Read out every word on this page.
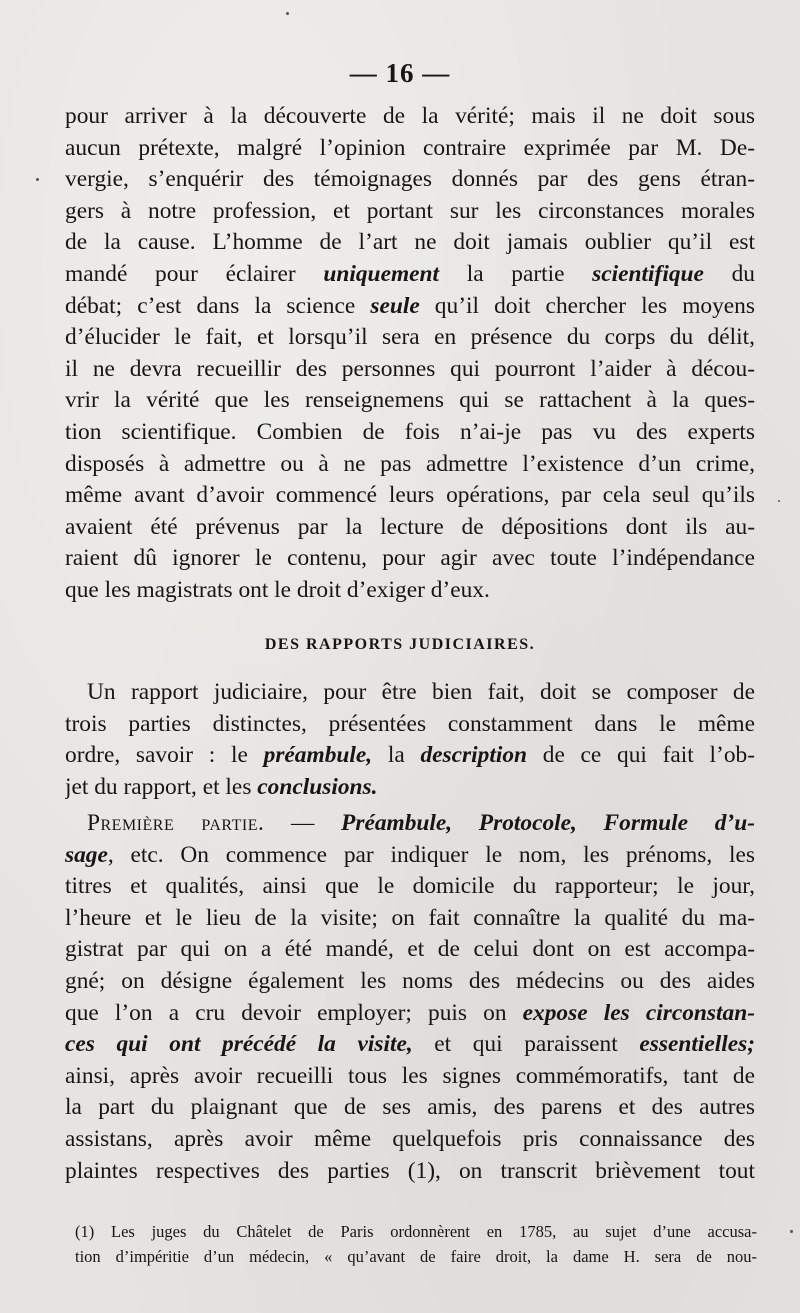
— 16 —
pour arriver à la découverte de la vérité; mais il ne doit sous
aucun prétexte, malgré l’opinion contraire exprimée par M. De-
vergie, s’enquérir des témoignages donnés par des gens étran-
gers à notre profession, et portant sur les circonstances morales
de la cause. L’homme de l’art ne doit jamais oublier qu’il est
mandé pour éclairer uniquement la partie scientifique du
débat; c’est dans la science seule qu’il doit chercher les moyens
d’élucider le fait, et lorsqu’il sera en présence du corps du délit,
il ne devra recueillir des personnes qui pourront l’aider à décou-
vrir la vérité que les renseignemens qui se rattachent à la ques-
tion scientifique. Combien de fois n’ai-je pas vu des experts
disposés à admettre ou à ne pas admettre l’existence d’un crime,
même avant d’avoir commencé leurs opérations, par cela seul qu’ils
avaient été prévenus par la lecture de dépositions dont ils au-
raient dû ignorer le contenu, pour agir avec toute l’indépendance
que les magistrats ont le droit d’exiger d’eux.
DES RAPPORTS JUDICIAIRES.
Un rapport judiciaire, pour être bien fait, doit se composer de
trois parties distinctes, présentées constamment dans le même
ordre, savoir : le préambule, la description de ce qui fait l’ob-
jet du rapport, et les conclusions.
Première partie. — Préambule, Protocole, Formule d’u-
sage, etc. On commence par indiquer le nom, les prénoms, les
titres et qualités, ainsi que le domicile du rapporteur; le jour,
l’heure et le lieu de la visite; on fait connaître la qualité du ma-
gistrat par qui on a été mandé, et de celui dont on est accompa-
gné; on désigne également les noms des médecins ou des aides
que l’on a cru devoir employer; puis on expose les circonstan-
ces qui ont précédé la visite, et qui paraissent essentielles;
ainsi, après avoir recueilli tous les signes commémoratifs, tant de
la part du plaignant que de ses amis, des parens et des autres
assistans, après avoir même quelquefois pris connaissance des
plaintes respectives des parties (1), on transcrit brièvement tout
(1) Les juges du Châtelet de Paris ordonnèrent en 1785, au sujet d’une accusa-
tion d’impéritie d’un médecin, « qu’avant de faire droit, la dame H. sera de nou-
